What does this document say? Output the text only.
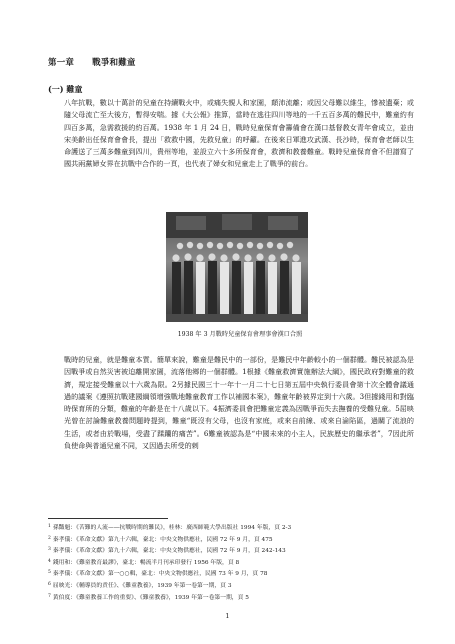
第一章 戰爭和難童
(一) 難童

八年抗戰，數以十萬計的兒童在持續戰火中，或痛失親人和家園，顛沛流離；或因父母難以維生，慘被遺棄；或隨父母流亡至大後方，暫得安喘。據《大公報》推算，當時在逃往四川等地的一千五百多萬的難民中，難童約有四百多萬，急需救援的約百萬。1938 年 1 月 24 日，戰時兒童保育會籌備會在漢口基督教女青年會成立，並由宋美齡出任保育會會長，提出「救救中國，先救兒童」的呼籲。在後來日軍進攻武漢、長沙時，保育會老師以生命護送了三萬多難童到四川，貴州等地，並設立六十多所保育會，救濟和教養難童。戰時兒童保育會不但譜寫了國共兩黨婦女界在抗戰中合作的一頁，也代表了婦女和兒童走上了戰爭的前台。

1938 年 3 月戰時兒童保育會理事會漢口合照

戰時的兒童，就是難童本質。簡單來說，難童是難民中的一部份，是難民中年齡較小的一個群體。難民被認為是因戰爭或自然災害被迫離開家園，流落他鄉的一個群體。1根據《難童救濟實施辦法大綱》，國民政府對難童的救濟，規定接受難童以十六歲為限。2另據民國三十一年十一月二十七日第五屆中央執行委員會第十次全體會議通過的議案《遵照抗戰建國綱領增強戰地難童教育工作以補國本案》，難童年齡被界定到十六歲。3但據錢用和對臨時保育所的分類，難童的年齡是在十八歲以下。4振濟委員會把難童定義為因戰爭而失去撫養的受難兒童。5屈映光曾在討論難童教養問題時提到，難童“既沒有父母，也沒有家庭，或來自前線、或來自淪陷區，過關了流浪的生活，或者由於戰場，受盡了蹂躪的痛苦”。6難童被認為是“中國未來的小主人，民族歷史的繼承者”，7因此所負使命與普通兒童不同，又因過去所受的刺

$^1$ 孫豔魁：《苦難的人流——抗戰時期的難民》，桂林：廣西師範大學出版社 1994 年版，頁 2-3
$^2$ 秦孝儀：《革命文獻》第九十六輯，臺北：中央文物供應社，民國 72 年 9 月，頁 475
$^3$ 秦孝儀：《革命文獻》第九十六輯，臺北：中央文物供應社，民國 72 年 9 月，頁 242-143
$^4$ 錢用和：《難童教育最謬》，臺北：暢流半月刊承印發行 1956 年版，頁 8
$^5$ 秦孝儀：《革命文獻》第一○○輯，臺北：中央文物供應社，民國 73 年 9 月，頁 78
$^6$ 屈映光：《輔導員的責任》、《難童教養》，1939 年第一卷第一期，頁 3
$^7$ 黃伯度：《難童教養工作的重要》、《難童教養》，1939 年第一卷第一期，頁 5
1
